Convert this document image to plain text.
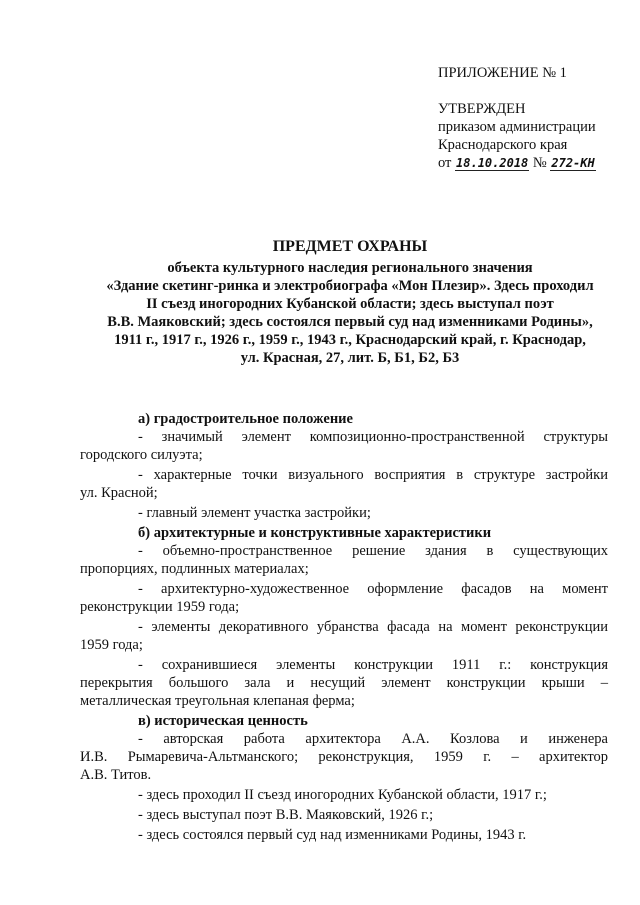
ПРИЛОЖЕНИЕ № 1
УТВЕРЖДЕН
приказом администрации
Краснодарского края
от 18.10.2018 № 272-КН
ПРЕДМЕТ ОХРАНЫ
объекта культурного наследия регионального значения
«Здание скетинг-ринка и электробиографа «Мон Плезир». Здесь проходил
II съезд иногородних Кубанской области; здесь выступал поэт
В.В. Маяковский; здесь состоялся первый суд над изменниками Родины»,
1911 г., 1917 г., 1926 г., 1959 г., 1943 г., Краснодарский край, г. Краснодар,
ул. Красная, 27, лит. Б, Б1, Б2, Б3

а) градостроительное положение

- значимый элемент композиционно-пространственной структуры

городского силуэта;

- характерные точки визуального восприятия в структуре застройки

ул. Красной;

- главный элемент участка застройки;

б) архитектурные и конструктивные характеристики

- объемно-пространственное решение здания в существующих

пропорциях, подлинных материалах;

- архитектурно-художественное оформление фасадов на момент

реконструкции 1959 года;

- элементы декоративного убранства фасада на момент реконструкции

1959 года;

- сохранившиеся элементы конструкции 1911 г.: конструкция

перекрытия большого зала и несущий элемент конструкции крыши –

металлическая треугольная клепаная ферма;

в) историческая ценность

- авторская работа архитектора А.А. Козлова и инженера

И.В. Рымаревича-Альтманского; реконструкция, 1959 г. – архитектор

А.В. Титов.

- здесь проходил II съезд иногородних Кубанской области, 1917 г.;

- здесь выступал поэт В.В. Маяковский, 1926 г.;

- здесь состоялся первый суд над изменниками Родины, 1943 г.
